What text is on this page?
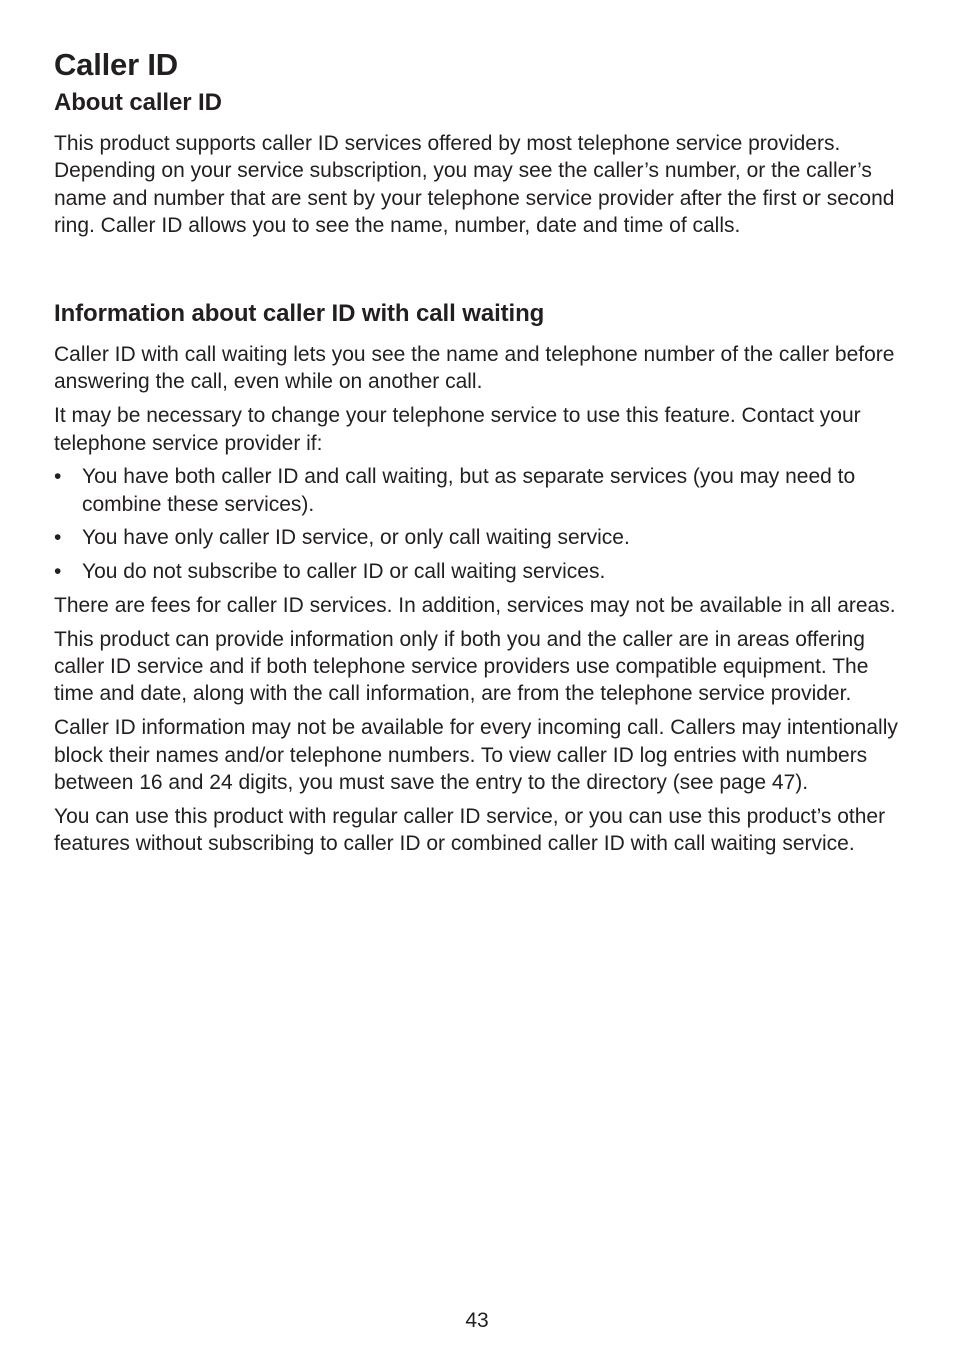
Caller ID
About caller ID

This product supports caller ID services offered by most telephone service providers. Depending on your service subscription, you may see the caller’s number, or the caller’s name and number that are sent by your telephone service provider after the first or second ring. Caller ID allows you to see the name, number, date and time of calls.

Information about caller ID with call waiting

Caller ID with call waiting lets you see the name and telephone number of the caller before answering the call, even while on another call.

It may be necessary to change your telephone service to use this feature. Contact your telephone service provider if:

• You have both caller ID and call waiting, but as separate services (you may need to combine these services).
• You have only caller ID service, or only call waiting service.
• You do not subscribe to caller ID or call waiting services.

There are fees for caller ID services. In addition, services may not be available in all areas.

This product can provide information only if both you and the caller are in areas offering caller ID service and if both telephone service providers use compatible equipment. The time and date, along with the call information, are from the telephone service provider.

Caller ID information may not be available for every incoming call. Callers may intentionally block their names and/or telephone numbers. To view caller ID log entries with numbers between 16 and 24 digits, you must save the entry to the directory (see page 47).

You can use this product with regular caller ID service, or you can use this product’s other features without subscribing to caller ID or combined caller ID with call waiting service.

43
